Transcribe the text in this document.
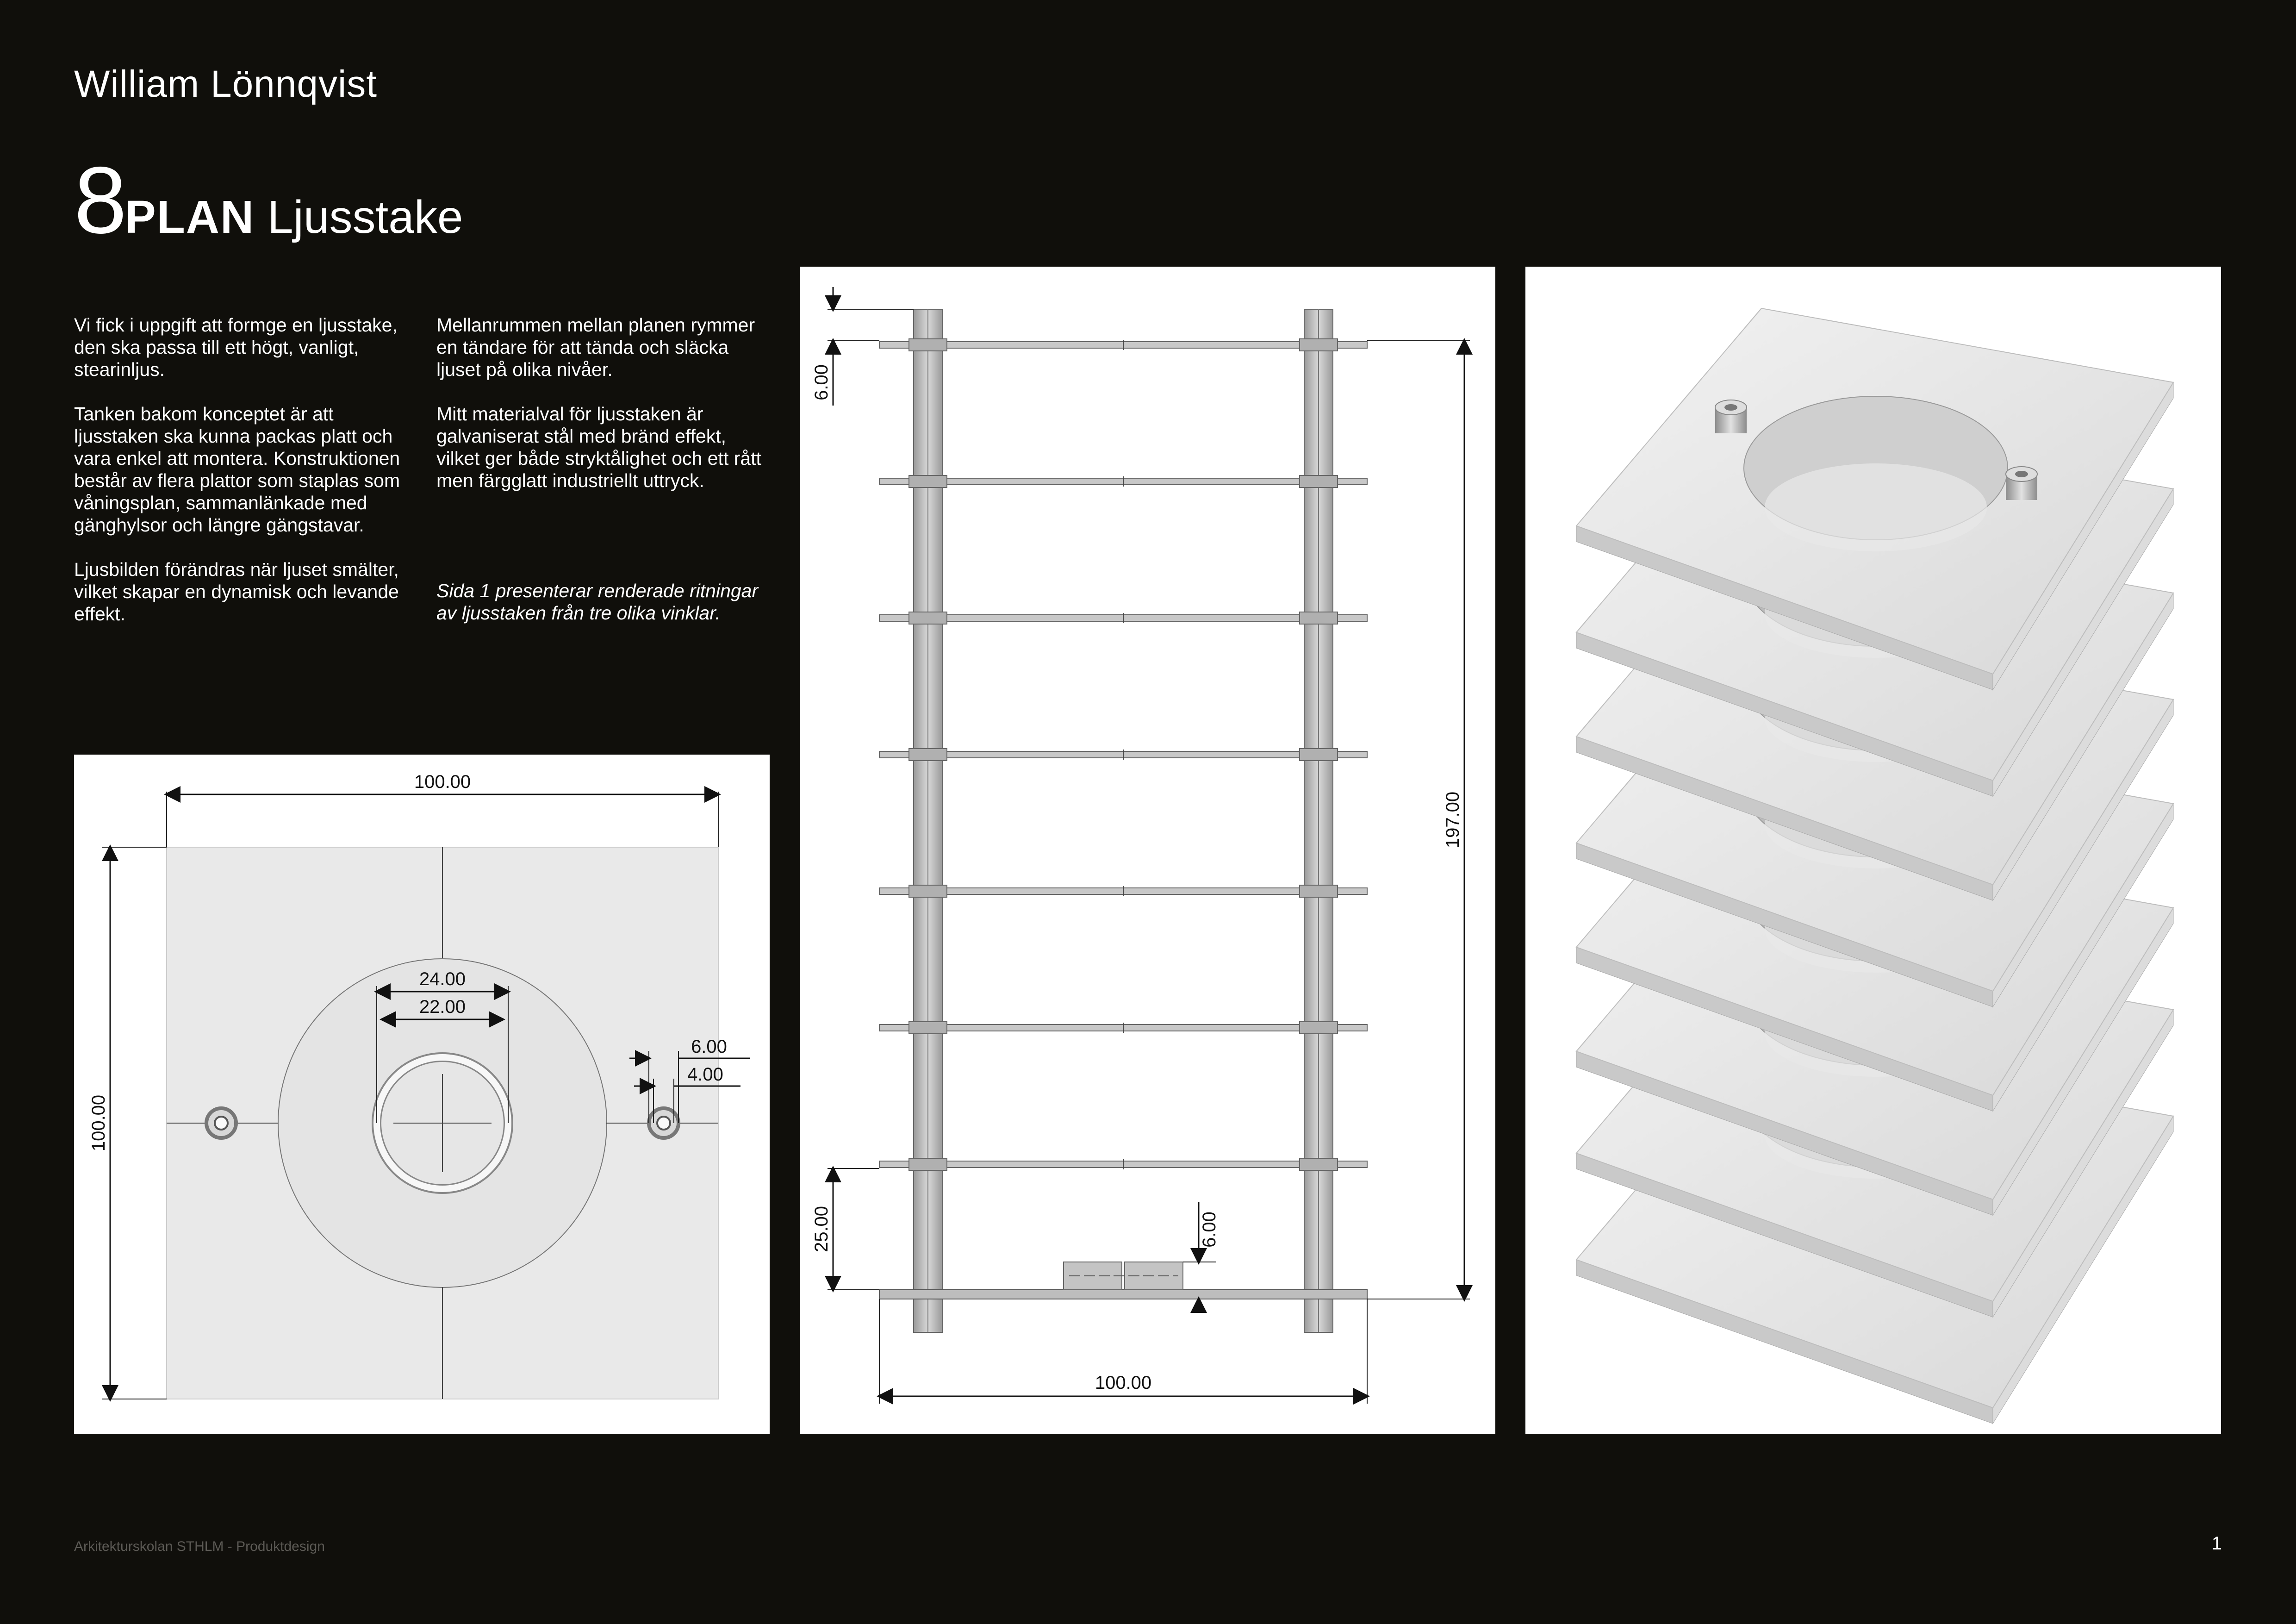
William Lönnqvist
8PLAN Ljusstake

Vi fick i uppgift att formge en ljusstake, den ska passa till ett högt, vanligt, stearinljus.

Tanken bakom konceptet är att ljusstaken ska kunna packas platt och vara enkel att montera. Konstruktionen består av flera plattor som staplas som våningsplan, sammanlänkade med gänghylsor och längre gängstavar.

Ljusbilden förändras när ljuset smälter, vilket skapar en dynamisk och levande effekt.

Mellanrummen mellan planen rymmer en tändare för att tända och släcka ljuset på olika nivåer.

Mitt materialval för ljusstaken är galvaniserat stål med bränd effekt, vilket ger både stryktålighet och ett rått men färgglatt industriellt uttryck.

Sida 1 presenterar renderade ritningar av ljusstaken från tre olika vinklar.

100.00
100.00
24.00
22.00
6.00
4.00
6.00
197.00
25.00	6.00
100.00
Arkitekturskolan STHLM - Produktdesign	1
